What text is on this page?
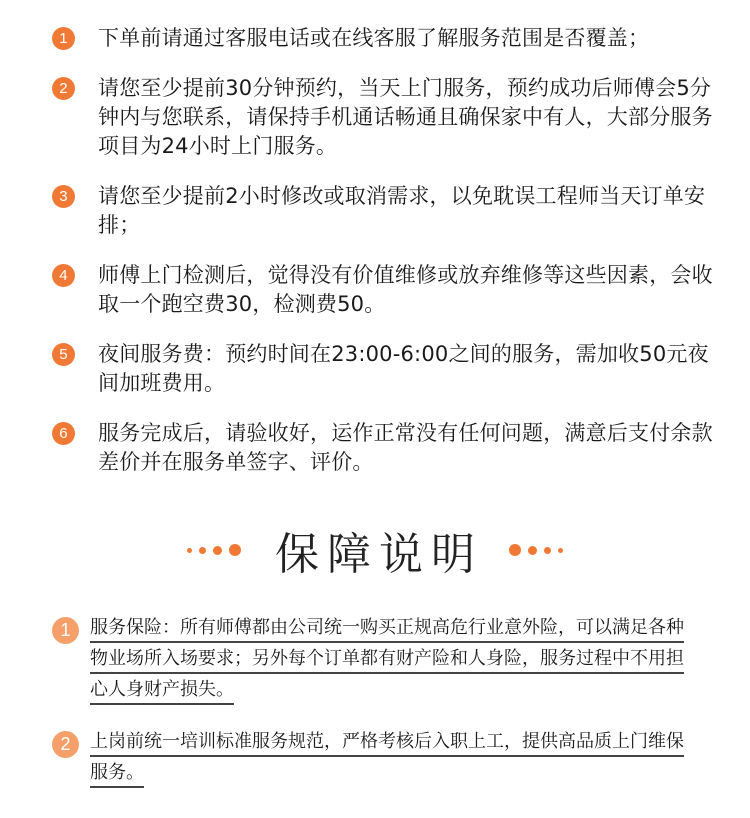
1	下单前请通过客服电话或在线客服了解服务范围是否覆盖；
2	请您至少提前30分钟预约，当天上门服务，预约成功后师傅会5分钟内与您联系，请保持手机通话畅通且确保家中有人，大部分服务项目为24小时上门服务。
3	请您至少提前2小时修改或取消需求，以免耽误工程师当天订单安排；
4	师傅上门检测后，觉得没有价值维修或放弃维修等这些因素，会收取一个跑空费30，检测费50。
5	夜间服务费：预约时间在23:00-6:00之间的服务，需加收50元夜间加班费用。
6	服务完成后，请验收好，运作正常没有任何问题，满意后支付余款差价并在服务单签字、评价。
保障说明
1	服务保险：所有师傅都由公司统一购买正规高危行业意外险，可以满足各种物业场所入场要求；另外每个订单都有财产险和人身险，服务过程中不用担心人身财产损失。
2	上岗前统一培训标准服务规范，严格考核后入职上工，提供高品质上门维保服务。
